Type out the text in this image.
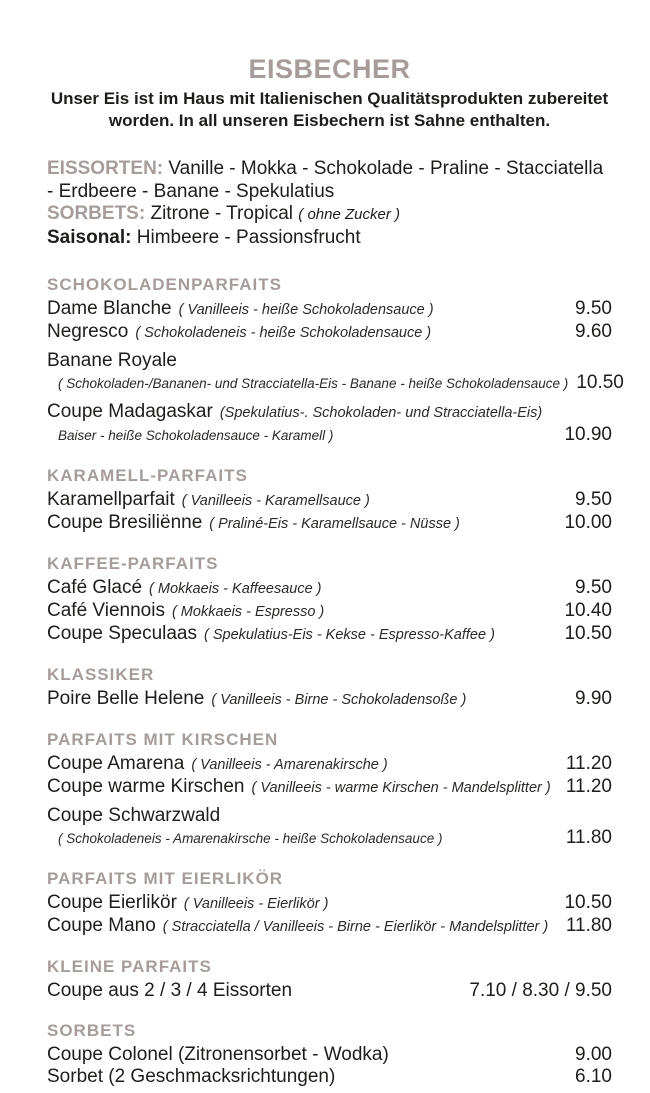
EISBECHER
Unser Eis ist im Haus mit Italienischen Qualitätsprodukten zubereitet worden. In all unseren Eisbechern ist Sahne enthalten.

EISSORTEN: Vanille - Mokka - Schokolade - Praline - Stacciatella - Erdbeere - Banane - Spekulatius

SORBETS: Zitrone - Tropical ( ohne Zucker )

Saisonal: Himbeere - Passionsfrucht

SCHOKOLADENPARFAITS
Dame Blanche ( Vanilleeis - heiße Schokoladensauce )	9.50
Negresco ( Schokoladeneis - heiße Schokoladensauce )	9.60
Banane Royale
( Schokoladen-/Bananen- und Stracciatella-Eis - Banane - heiße Schokoladensauce ) 10.50
Coupe Madagaskar (Spekulatius-. Schokoladen- und Stracciatella-Eis)
Baiser - heiße Schokoladensauce - Karamell )	10.90
KARAMELL-PARFAITS
Karamellparfait ( Vanilleeis - Karamellsauce )	9.50
Coupe Bresiliënne ( Praliné-Eis - Karamellsauce - Nüsse )	10.00
KAFFEE-PARFAITS
Café Glacé ( Mokkaeis - Kaffeesauce )	9.50
Café Viennois ( Mokkaeis - Espresso )	10.40
Coupe Speculaas ( Spekulatius-Eis - Kekse - Espresso-Kaffee )	10.50
KLASSIKER
Poire Belle Helene ( Vanilleeis - Birne - Schokoladensoße )	9.90
PARFAITS MIT KIRSCHEN
Coupe Amarena ( Vanilleeis - Amarenakirsche )	11.20
Coupe warme Kirschen ( Vanilleeis - warme Kirschen - Mandelsplitter ) 11.20
Coupe Schwarzwald
( Schokoladeneis - Amarenakirsche - heiße Schokoladensauce )	11.80
PARFAITS MIT EIERLIKÖR
Coupe Eierlikör ( Vanilleeis - Eierlikör )	10.50
Coupe Mano ( Stracciatella / Vanilleeis - Birne - Eierlikör - Mandelsplitter ) 11.80
KLEINE PARFAITS
Coupe aus 2 / 3 / 4 Eissorten	7.10 / 8.30 / 9.50
SORBETS
Coupe Colonel (Zitronensorbet - Wodka)	9.00
Sorbet (2 Geschmacksrichtungen)	6.10
